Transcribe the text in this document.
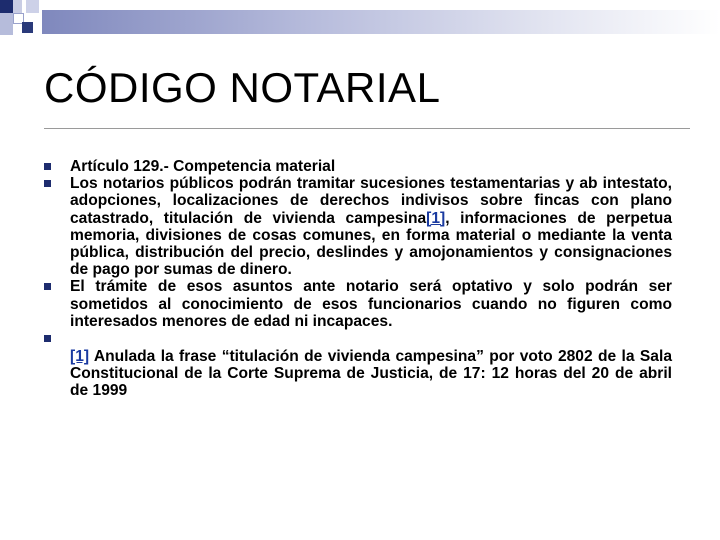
CÓDIGO NOTARIAL
Artículo 129.- Competencia material
Los notarios públicos podrán tramitar sucesiones testamentarias y ab intestato, adopciones, localizaciones de derechos indivisos sobre fincas con plano catastrado, titulación de vivienda campesina[1], informaciones de perpetua memoria, divisiones de cosas comunes, en forma material o mediante la venta pública, distribución del precio, deslindes y amojonamientos y consignaciones de pago por sumas de dinero.
El trámite de esos asuntos ante notario será optativo y solo podrán ser sometidos al conocimiento de esos funcionarios cuando no figuren como interesados menores de edad ni incapaces.
[1] Anulada la frase “titulación de vivienda campesina” por voto 2802 de la Sala Constitucional de la Corte Suprema de Justicia, de 17: 12 horas del 20 de abril de 1999
